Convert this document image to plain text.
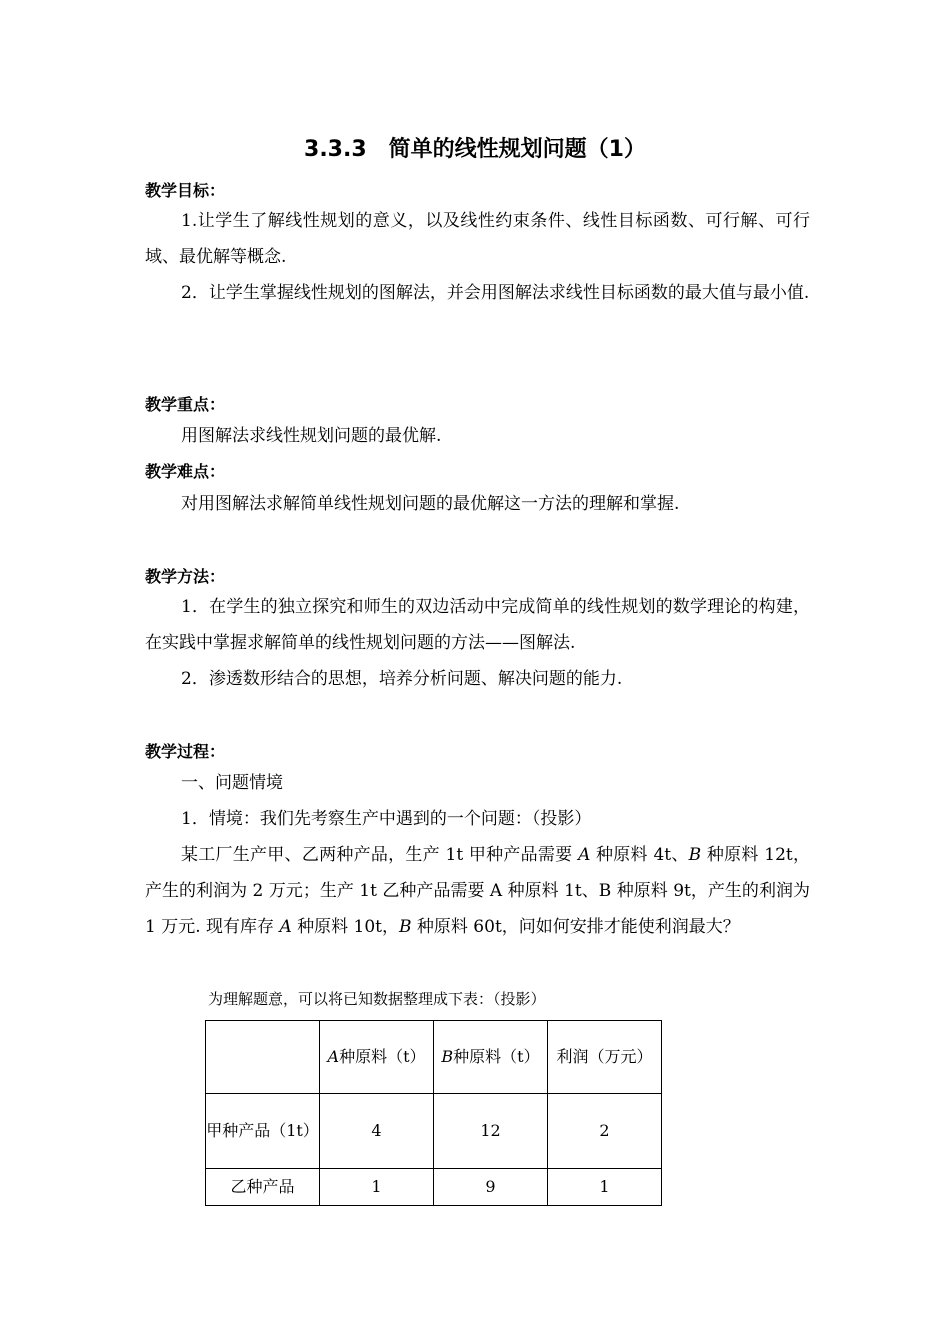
3.3.3　简单的线性规划问题（1）
教学目标：
1.让学生了解线性规划的意义，以及线性约束条件、线性目标函数、可行解、可行域、最优解等概念.
2．让学生掌握线性规划的图解法，并会用图解法求线性目标函数的最大值与最小值.
教学重点：
用图解法求线性规划问题的最优解.
教学难点：
对用图解法求解简单线性规划问题的最优解这一方法的理解和掌握.
教学方法：
1．在学生的独立探究和师生的双边活动中完成简单的线性规划的数学理论的构建，在实践中掌握求解简单的线性规划问题的方法——图解法.
2．渗透数形结合的思想，培养分析问题、解决问题的能力.
教学过程：
一、问题情境
1．情境：我们先考察生产中遇到的一个问题：（投影）
某工厂生产甲、乙两种产品，生产 1t 甲种产品需要 A 种原料 4t、B 种原料 12t，产生的利润为 2 万元；生产 1t 乙种产品需要 A 种原料 1t、B 种原料 9t，产生的利润为 1 万元. 现有库存 A 种原料 10t，B 种原料 60t，问如何安排才能使利润最大？
为理解题意，可以将已知数据整理成下表：（投影）
	A种原料（t）	B种原料（t）	利润（万元）
甲种产品（1t）	4	12	2
乙种产品	1	9	1
